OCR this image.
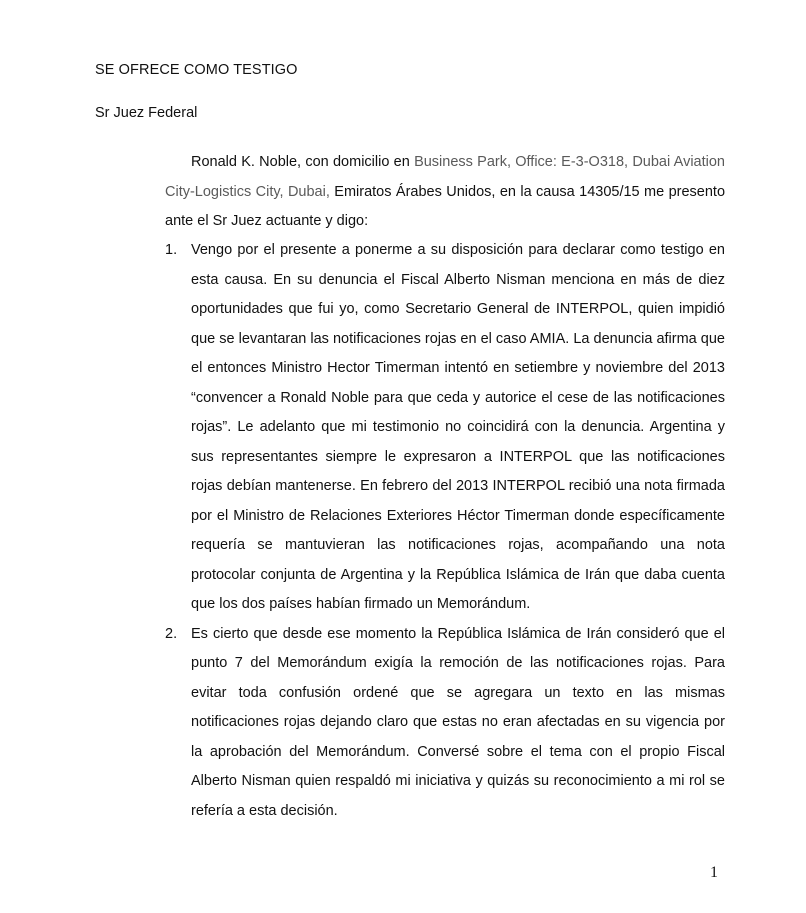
SE OFRECE COMO TESTIGO
Sr Juez Federal
Ronald K. Noble, con domicilio en Business Park, Office: E-3-O318, Dubai Aviation City-Logistics City, Dubai, Emiratos Árabes Unidos, en la causa 14305/15 me presento ante el Sr Juez actuante y digo:
1. Vengo por el presente a ponerme a su disposición para declarar como testigo en esta causa. En su denuncia el Fiscal Alberto Nisman menciona en más de diez oportunidades que fui yo, como Secretario General de INTERPOL, quien impidió que se levantaran las notificaciones rojas en el caso AMIA. La denuncia afirma que el entonces Ministro Hector Timerman intentó en setiembre y noviembre del 2013 “convencer a Ronald Noble para que ceda y autorice el cese de las notificaciones rojas”. Le adelanto que mi testimonio no coincidirá con la denuncia. Argentina y sus representantes siempre le expresaron a INTERPOL que las notificaciones rojas debían mantenerse. En febrero del 2013 INTERPOL recibió una nota firmada por el Ministro de Relaciones Exteriores Héctor Timerman donde específicamente requería se mantuvieran las notificaciones rojas, acompañando una nota protocolar conjunta de Argentina y la República Islámica de Irán que daba cuenta que los dos países habían firmado un Memorándum.
2. Es cierto que desde ese momento la República Islámica de Irán consideró que el punto 7 del Memorándum exigía la remoción de las notificaciones rojas. Para evitar toda confusión ordené que se agregara un texto en las mismas notificaciones rojas dejando claro que estas no eran afectadas en su vigencia por la aprobación del Memorándum. Conversé sobre el tema con el propio Fiscal Alberto Nisman quien respaldó mi iniciativa y quizás su reconocimiento a mi rol se refería a esta decisión.
1
